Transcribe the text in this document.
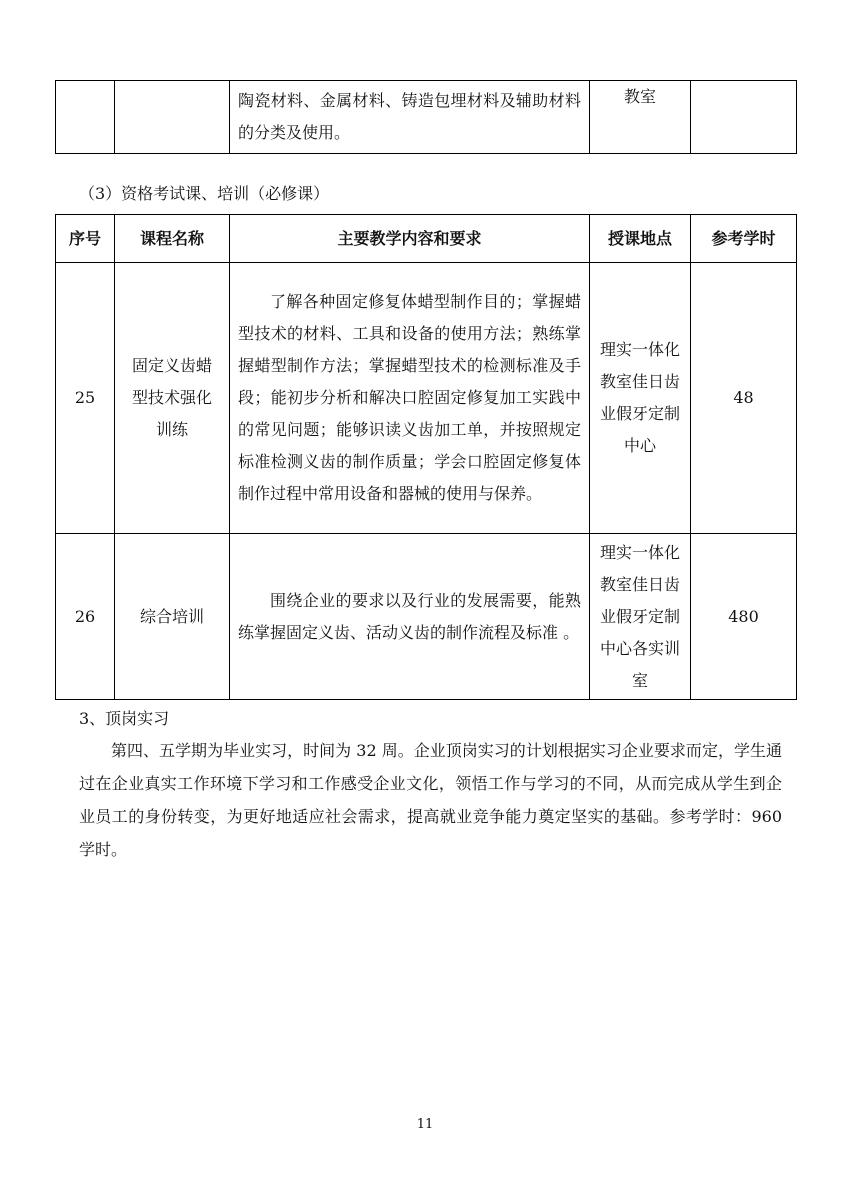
		陶瓷材料、金属材料、铸造包埋材料及辅助材料的分类及使用。	教室	
（3）资格考试课、培训（必修课）
序号	课程名称	主要教学内容和要求	授课地点	参考学时
25	固定义齿蜡型技术强化训练	了解各种固定修复体蜡型制作目的；掌握蜡型技术的材料、工具和设备的使用方法；熟练掌握蜡型制作方法；掌握蜡型技术的检测标准及手段；能初步分析和解决口腔固定修复加工实践中的常见问题；能够识读义齿加工单，并按照规定标准检测义齿的制作质量；学会口腔固定修复体制作过程中常用设备和器械的使用与保养。	理实一体化教室佳日齿业假牙定制中心	48
26	综合培训	围绕企业的要求以及行业的发展需要，能熟练掌握固定义齿、活动义齿的制作流程及标准 。	理实一体化教室佳日齿业假牙定制中心各实训室	480
3、顶岗实习
第四、五学期为毕业实习，时间为 32 周。企业顶岗实习的计划根据实习企业要求而定，学生通过在企业真实工作环境下学习和工作感受企业文化，领悟工作与学习的不同，从而完成从学生到企业员工的身份转变，为更好地适应社会需求，提高就业竞争能力奠定坚实的基础。参考学时：960 学时。
11
